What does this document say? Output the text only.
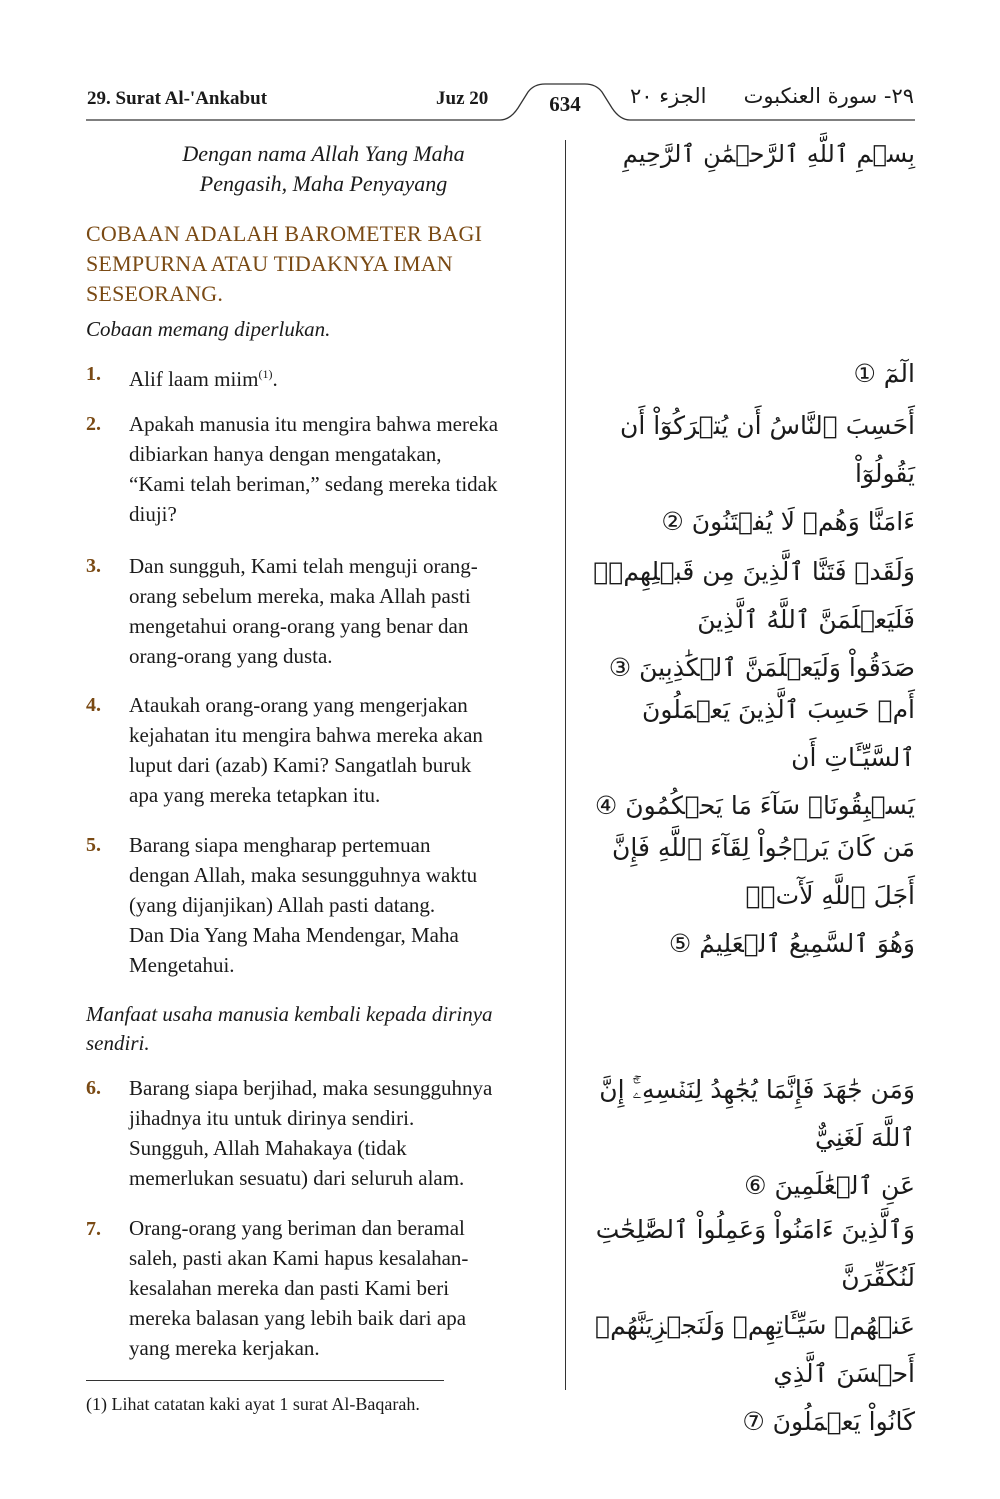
29. Surat Al-'Ankabut	Juz 20	634	الجزء ٢٠ ٢٩- سورة العنكبوت
Dengan nama Allah Yang Maha
Pengasih, Maha Penyayang
بِسۡمِ ٱللَّهِ ٱلرَّحۡمَٰنِ ٱلرَّحِيمِ
COBAAN ADALAH BAROMETER BAGI
SEMPURNA ATAU TIDAKNYA IMAN
SESEORANG.
Cobaan memang diperlukan.
1. Alif laam miim$^{(1)}$.	الٓمٓ ①
2. Apakah manusia itu mengira bahwa mereka
dibiarkan hanya dengan mengatakan,
“Kami telah beriman,” sedang mereka tidak
diuji?
أَحَسِبَ ٱلنَّاسُ أَن يُتۡرَكُوٓاْ أَن يَقُولُوٓاْ
ءَامَنَّا وَهُمۡ لَا يُفۡتَنُونَ ②
3. Dan sungguh, Kami telah menguji orang-
orang sebelum mereka, maka Allah pasti
mengetahui orang-orang yang benar dan
orang-orang yang dusta.
وَلَقَدۡ فَتَنَّا ٱلَّذِينَ مِن قَبۡلِهِمۡۖ فَلَيَعۡلَمَنَّ ٱللَّهُ ٱلَّذِينَ
صَدَقُواْ وَلَيَعۡلَمَنَّ ٱلۡكَٰذِبِينَ ③
4. Ataukah orang-orang yang mengerjakan
kejahatan itu mengira bahwa mereka akan
luput dari (azab) Kami? Sangatlah buruk
apa yang mereka tetapkan itu.
أَمۡ حَسِبَ ٱلَّذِينَ يَعۡمَلُونَ ٱلسَّيِّـَٔاتِ أَن
يَسۡبِقُونَاۚ سَآءَ مَا يَحۡكُمُونَ ④
5. Barang siapa mengharap pertemuan
dengan Allah, maka sesungguhnya waktu
(yang dijanjikan) Allah pasti datang.
Dan Dia Yang Maha Mendengar, Maha
Mengetahui.
مَن كَانَ يَرۡجُواْ لِقَآءَ ٱللَّهِ فَإِنَّ أَجَلَ ٱللَّهِ لَأٓتٖۚ
وَهُوَ ٱلسَّمِيعُ ٱلۡعَلِيمُ ⑤
Manfaat usaha manusia kembali kepada dirinya
sendiri.
6. Barang siapa berjihad, maka sesungguhnya
jihadnya itu untuk dirinya sendiri.
Sungguh, Allah Mahakaya (tidak
memerlukan sesuatu) dari seluruh alam.
وَمَن جَٰهَدَ فَإِنَّمَا يُجَٰهِدُ لِنَفۡسِهِۦٓۚ إِنَّ ٱللَّهَ لَغَنِيٌّ
عَنِ ٱلۡعَٰلَمِينَ ⑥
7. Orang-orang yang beriman dan beramal
saleh, pasti akan Kami hapus kesalahan-
kesalahan mereka dan pasti Kami beri
mereka balasan yang lebih baik dari apa
yang mereka kerjakan.
وَٱلَّذِينَ ءَامَنُواْ وَعَمِلُواْ ٱلصَّٰلِحَٰتِ لَنُكَفِّرَنَّ
عَنۡهُمۡ سَيِّـَٔاتِهِمۡ وَلَنَجۡزِيَنَّهُمۡ أَحۡسَنَ ٱلَّذِي
كَانُواْ يَعۡمَلُونَ ⑦
(1) Lihat catatan kaki ayat 1 surat Al-Baqarah.
